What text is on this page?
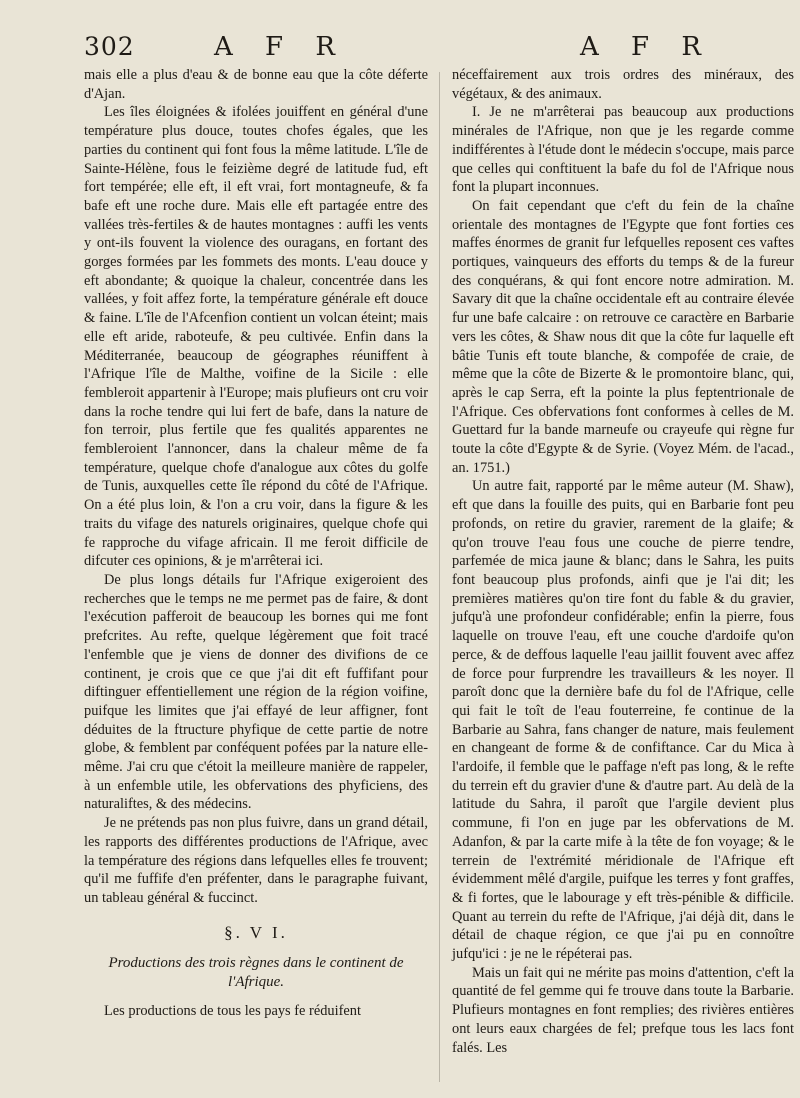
302	A F R	A F R

mais elle a plus d'eau & de bonne eau que la côte déferte d'Ajan.

Les îles éloignées & ifolées jouiffent en général d'une température plus douce, toutes chofes égales, que les parties du continent qui font fous la même latitude. L'île de Sainte-Hélène, fous le feizième degré de latitude fud, eft fort tempérée; elle eft, il eft vrai, fort montagneufe, & fa bafe eft une roche dure. Mais elle eft partagée entre des vallées très-fertiles & de hautes montagnes : auffi les vents y ont-ils fouvent la violence des ouragans, en fortant des gorges formées par les fommets des monts. L'eau douce y eft abondante; & quoique la chaleur, concentrée dans les vallées, y foit affez forte, la température générale eft douce & faine. L'île de l'Afcenfion contient un volcan éteint; mais elle eft aride, raboteufe, & peu cultivée. Enfin dans la Méditerranée, beaucoup de géographes réuniffent à l'Afrique l'île de Malthe, voifine de la Sicile : elle fembleroit appartenir à l'Europe; mais plufieurs ont cru voir dans la roche tendre qui lui fert de bafe, dans la nature de fon terroir, plus fertile que fes qualités apparentes ne fembleroient l'annoncer, dans la chaleur même de fa température, quelque chofe d'analogue aux côtes du golfe de Tunis, auxquelles cette île répond du côté de l'Afrique. On a été plus loin, & l'on a cru voir, dans la figure & les traits du vifage des naturels originaires, quelque chofe qui fe rapproche du vifage africain. Il me feroit difficile de difcuter ces opinions, & je m'arrêterai ici.

De plus longs détails fur l'Afrique exigeroient des recherches que le temps ne me permet pas de faire, & dont l'exécution pafferoit de beaucoup les bornes qui me font prefcrites. Au refte, quelque légèrement que foit tracé l'enfemble que je viens de donner des divifions de ce continent, je crois que ce que j'ai dit eft fuffifant pour diftinguer effentiellement une région de la région voifine, puifque les limites que j'ai effayé de leur affigner, font déduites de la ftructure phyfique de cette partie de notre globe, & femblent par conféquent pofées par la nature elle-même. J'ai cru que c'étoit la meilleure manière de rappeler, à un enfemble utile, les obfervations des phyficiens, des naturaliftes, & des médecins.

Je ne prétends pas non plus fuivre, dans un grand détail, les rapports des différentes productions de l'Afrique, avec la température des régions dans lefquelles elles fe trouvent; qu'il me fuffife d'en préfenter, dans le paragraphe fuivant, un tableau général & fuccinct.

§. V I.
Productions des trois règnes dans le continent de l'Afrique.

Les productions de tous les pays fe réduifent

néceffairement aux trois ordres des minéraux, des végétaux, & des animaux.

I. Je ne m'arrêterai pas beaucoup aux productions minérales de l'Afrique, non que je les regarde comme indifférentes à l'étude dont le médecin s'occupe, mais parce que celles qui conftituent la bafe du fol de l'Afrique nous font la plupart inconnues.

On fait cependant que c'eft du fein de la chaîne orientale des montagnes de l'Egypte que font forties ces maffes énormes de granit fur lefquelles reposent ces vaftes portiques, vainqueurs des efforts du temps & de la fureur des conquérans, & qui font encore notre admiration. M. Savary dit que la chaîne occidentale eft au contraire élevée fur une bafe calcaire : on retrouve ce caractère en Barbarie vers les côtes, & Shaw nous dit que la côte fur laquelle eft bâtie Tunis eft toute blanche, & compofée de craie, de même que la côte de Bizerte & le promontoire blanc, qui, après le cap Serra, eft la pointe la plus feptentrionale de l'Afrique. Ces obfervations font conformes à celles de M. Guettard fur la bande marneufe ou crayeufe qui règne fur toute la côte d'Egypte & de Syrie. (Voyez Mém. de l'acad., an. 1751.)

Un autre fait, rapporté par le même auteur (M. Shaw), eft que dans la fouille des puits, qui en Barbarie font peu profonds, on retire du gravier, rarement de la glaife; & qu'on trouve l'eau fous une couche de pierre tendre, parfemée de mica jaune & blanc; dans le Sahra, les puits font beaucoup plus profonds, ainfi que je l'ai dit; les premières matières qu'on tire font du fable & du gravier, jufqu'à une profondeur confidérable; enfin la pierre, fous laquelle on trouve l'eau, eft une couche d'ardoife qu'on perce, & de deffous laquelle l'eau jaillit fouvent avec affez de force pour furprendre les travailleurs & les noyer. Il paroît donc que la dernière bafe du fol de l'Afrique, celle qui fait le toît de l'eau fouterreine, fe continue de la Barbarie au Sahra, fans changer de nature, mais feulement en changeant de forme & de confiftance. Car du Mica à l'ardoife, il femble que le paffage n'eft pas long, & le refte du terrein eft du gravier d'une & d'autre part. Au delà de la latitude du Sahra, il paroît que l'argile devient plus commune, fi l'on en juge par les obfervations de M. Adanfon, & par la carte mife à la tête de fon voyage; & le terrein de l'extrémité méridionale de l'Afrique eft évidemment mêlé d'argile, puifque les terres y font graffes, & fi fortes, que le labourage y eft très-pénible & difficile. Quant au terrein du refte de l'Afrique, j'ai déjà dit, dans le détail de chaque région, ce que j'ai pu en connoître jufqu'ici : je ne le répéterai pas.

Mais un fait qui ne mérite pas moins d'attention, c'eft la quantité de fel gemme qui fe trouve dans toute la Barbarie. Plufieurs montagnes en font remplies; des rivières entières ont leurs eaux chargées de fel; prefque tous les lacs font falés. Les
